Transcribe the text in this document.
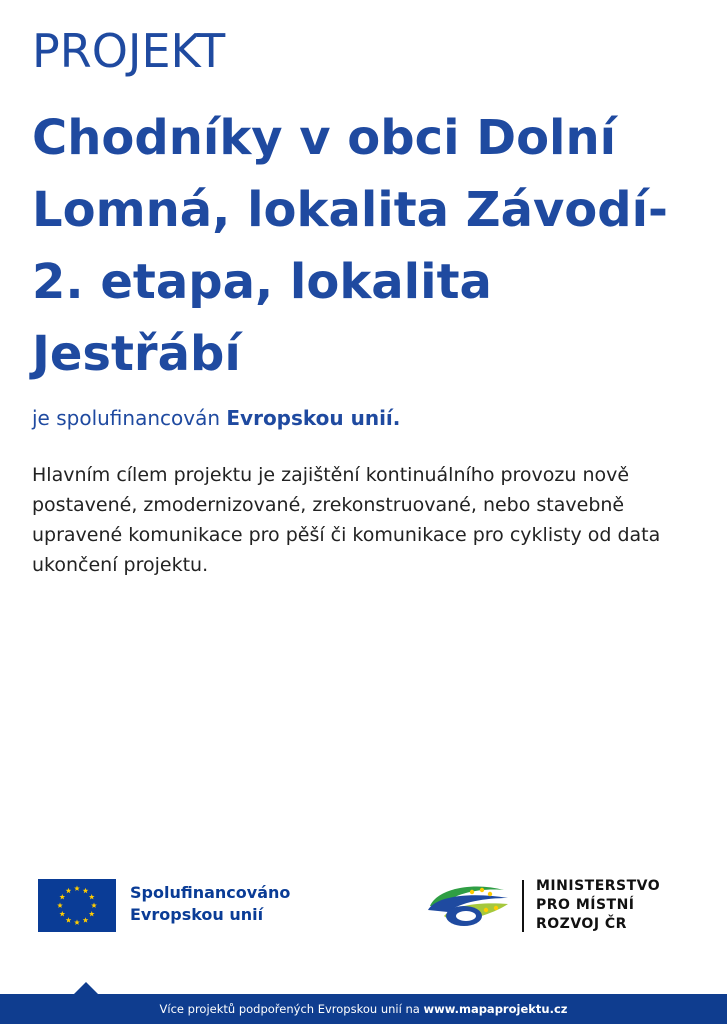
PROJEKT
Chodníky v obci Dolní
Lomná, lokalita Závodí-
2. etapa, lokalita
Jestřábí
je spolufinancován Evropskou unií.
Hlavním cílem projektu je zajištění kontinuálního provozu nově postavené, zmodernizované, zrekonstruované, nebo stavebně upravené komunikace pro pěší či komunikace pro cyklisty od data ukončení projektu.
Spolufinancováno
Evropskou unií
MINISTERSTVO
PRO MÍSTNÍ
ROZVOJ ČR
Více projektů podpořených Evropskou unií na www.mapaprojektu.cz
